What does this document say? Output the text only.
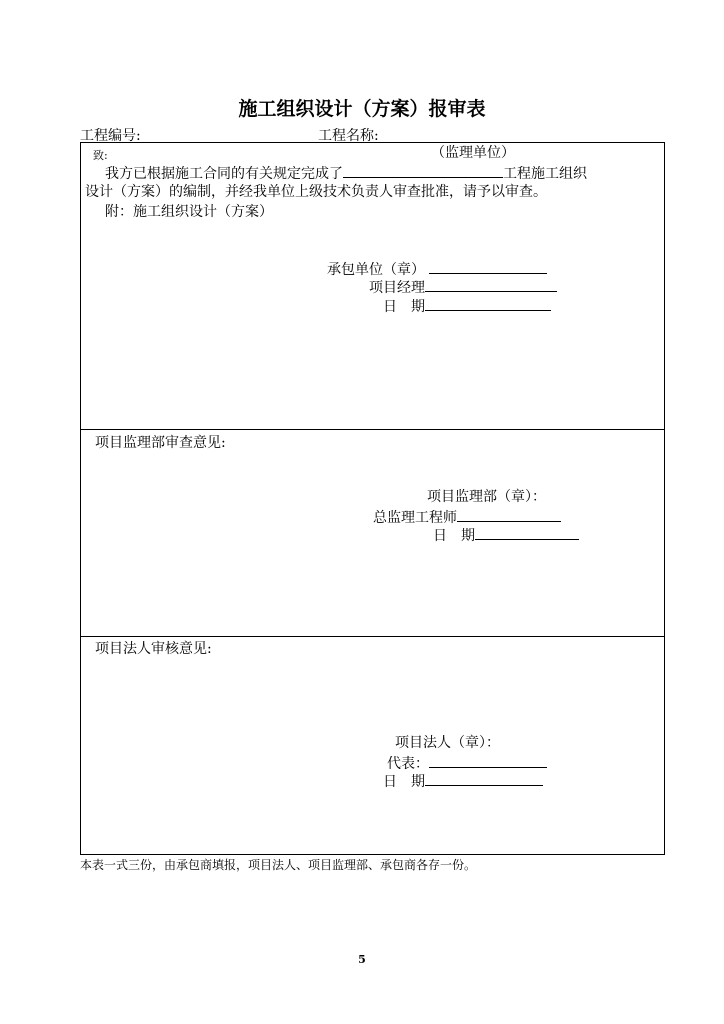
施工组织设计（方案）报审表
工程编号:	工程名称:
致:	（监理单位）
我方已根据施工合同的有关规定完成了	工程施工组织
设计（方案）的编制，并经我单位上级技术负责人审查批准，请予以审查。
附：施工组织设计（方案）
承包单位（章）
项目经理
日　期
项目监理部审查意见:
项目监理部（章）：
总监理工程师
日　期
项目法人审核意见:
项目法人（章）：
代表：
日　期
本表一式三份，由承包商填报，项目法人、项目监理部、承包商各存一份。
5
